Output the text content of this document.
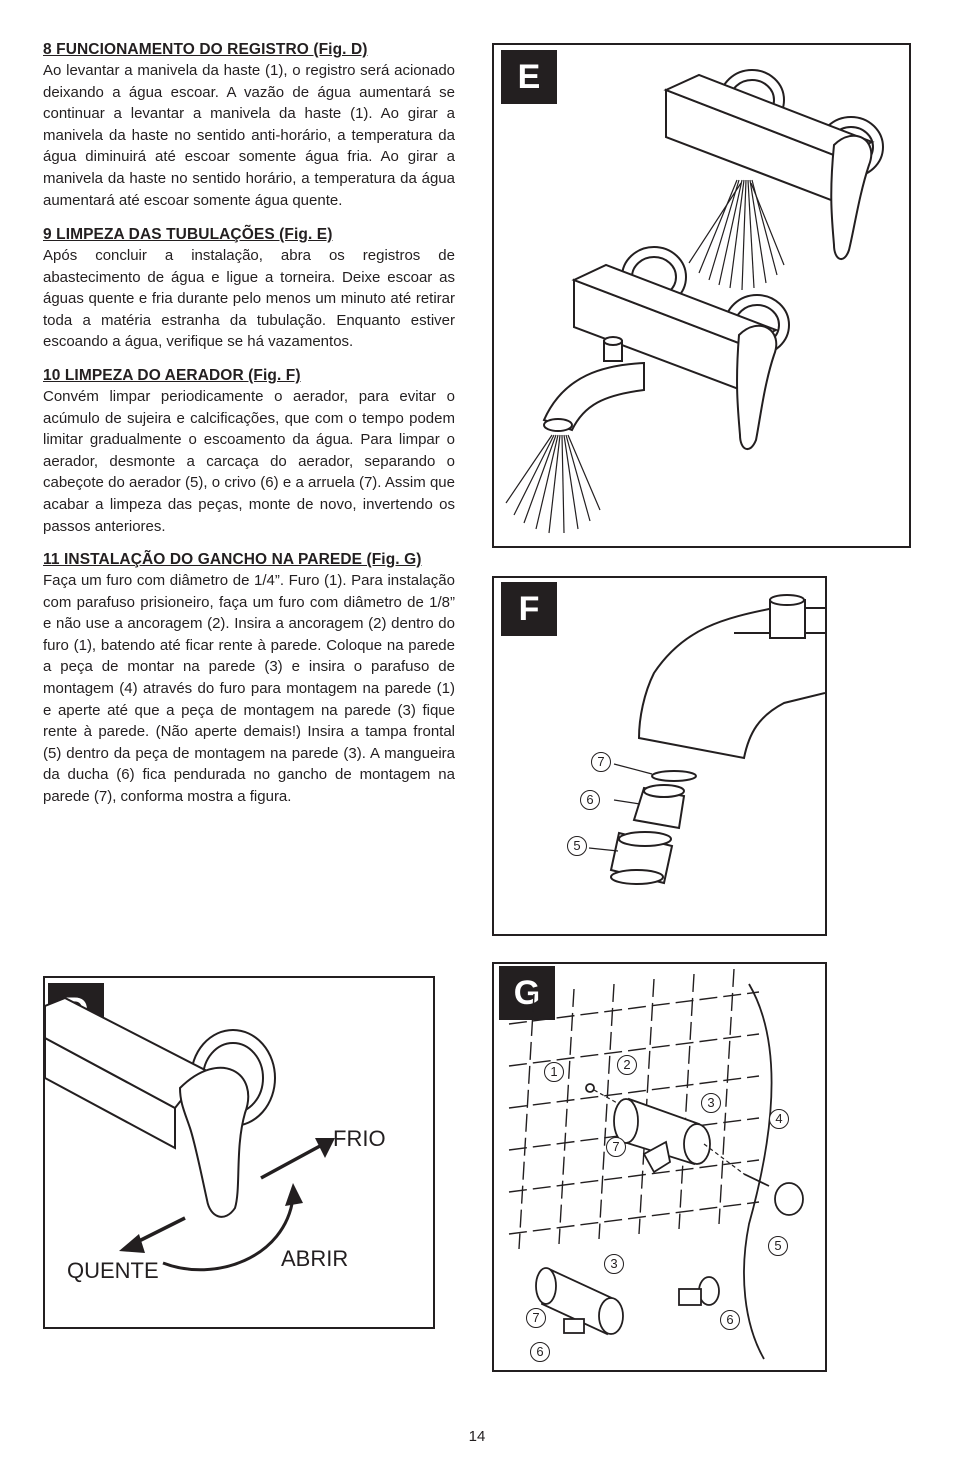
8 FUNCIONAMENTO DO REGISTRO (Fig. D)

Ao levantar a manivela da haste (1), o registro será acionado deixando a água escoar. A vazão de água aumentará se continuar a levantar a manivela da haste (1). Ao girar a manivela da haste no sentido anti-horário, a temperatura da água diminuirá até escoar somente água fria. Ao girar a manivela da haste no sentido horário, a temperatura da água aumentará até escoar somente água quente.

9 LIMPEZA DAS TUBULAÇÕES (Fig. E)

Após concluir a instalação, abra os registros de abastecimento de água e ligue a torneira. Deixe escoar as águas quente e fria durante pelo menos um minuto até retirar toda a matéria estranha da tubulação. Enquanto estiver escoando a água, verifique se há vazamentos.

10 LIMPEZA DO AERADOR (Fig. F)

Convém limpar periodicamente o aerador, para evitar o acúmulo de sujeira e calcificações, que com o tempo podem limitar gradualmente o escoamento da água. Para limpar o aerador, desmonte a carcaça do aerador, separando o cabeçote do aerador (5), o crivo (6) e a arruela (7). Assim que acabar a limpeza das peças, monte de novo, invertendo os passos anteriores.

11 INSTALAÇÃO DO GANCHO NA PAREDE (Fig. G)

Faça um furo com diâmetro de 1/4”. Furo (1). Para instalação com parafuso prisioneiro, faça um furo com diâmetro de 1/8” e não use a ancoragem (2). Insira a ancoragem (2) dentro do furo (1), batendo até ficar rente à parede. Coloque na parede a peça de montar na parede (3) e insira o parafuso de montagem (4) através do furo para montagem na parede (1) e aperte até que a peça de montagem na parede (3) fique rente à parede. (Não aperte demais!) Insira a tampa frontal (5) dentro da peça de montagem na parede (3). A mangueira da ducha (6) fica pendurada no gancho de montagem na parede (7), conforma mostra a figura.

E
F
7
6
5
FRIO
QUENTE	ABRIR
G
1	2
3
4
7
5
3
7
6
6
14
